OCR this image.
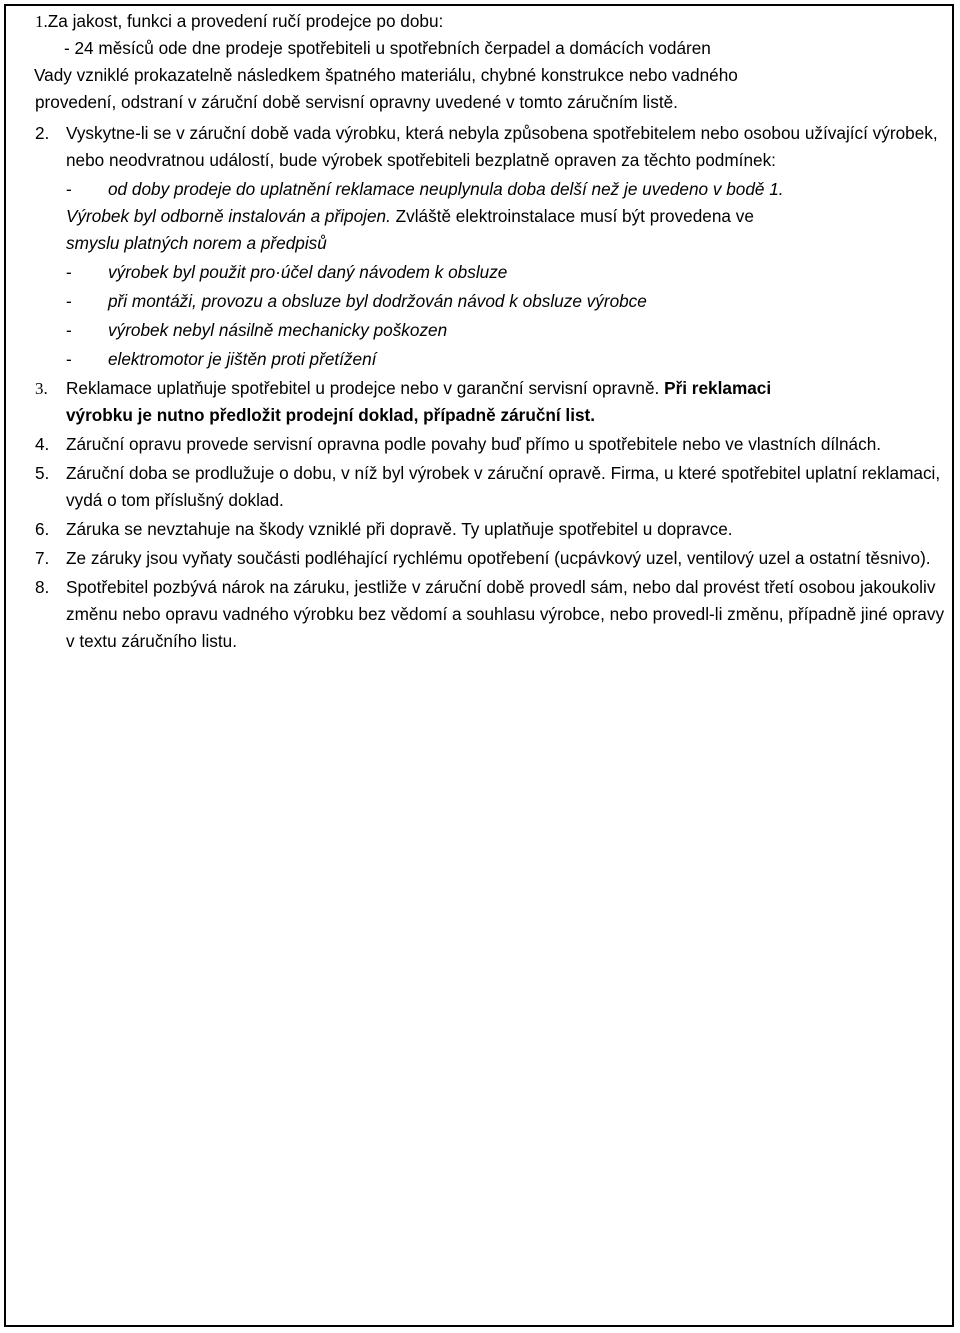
1.Za jakost, funkci a provedení ručí prodejce po dobu:

- 24 měsíců ode dne prodeje spotřebiteli u spotřebních čerpadel a domácích vodáren

Vady vzniklé prokazatelně následkem špatného materiálu, chybné konstrukce nebo vadného

provedení, odstraní v záruční době servisní opravny uvedené v tomto záručním listě.

2. Vyskytne-li se v záruční době vada výrobku, která nebyla způsobena spotřebitelem nebo osobou užívající výrobek, nebo neodvratnou událostí, bude výrobek spotřebiteli bezplatně opraven za těchto podmínek:
- od doby prodeje do uplatnění reklamace neuplynula doba delší než je uvedeno v bodě 1.

Výrobek byl odborně instalován a připojen. Zvláště elektroinstalace musí být provedena ve

smyslu platných norem a předpisů

- výrobek byl použit pro·účel daný návodem k obsluze
- při montáži, provozu a obsluze byl dodržován návod k obsluze výrobce
- výrobek nebyl násilně mechanicky poškozen
- elektromotor je jištěn proti přetížení
3. Reklamace uplatňuje spotřebitel u prodejce nebo v garanční servisní opravně. Při reklamaci
výrobku je nutno předložit prodejní doklad, případně záruční list.
4. Záruční opravu provede servisní opravna podle povahy buď přímo u spotřebitele nebo ve vlastních dílnách.
5. Záruční doba se prodlužuje o dobu, v níž byl výrobek v záruční opravě. Firma, u které spotřebitel uplatní reklamaci, vydá o tom příslušný doklad.
6. Záruka se nevztahuje na škody vzniklé při dopravě. Ty uplatňuje spotřebitel u dopravce.
7. Ze záruky jsou vyňaty součásti podléhající rychlému opotřebení (ucpávkový uzel, ventilový uzel a ostatní těsnivo).
8. Spotřebitel pozbývá nárok na záruku, jestliže v záruční době provedl sám, nebo dal provést třetí osobou jakoukoliv změnu nebo opravu vadného výrobku bez vědomí a souhlasu výrobce, nebo provedl-li změnu, případně jiné opravy v textu záručního listu.
